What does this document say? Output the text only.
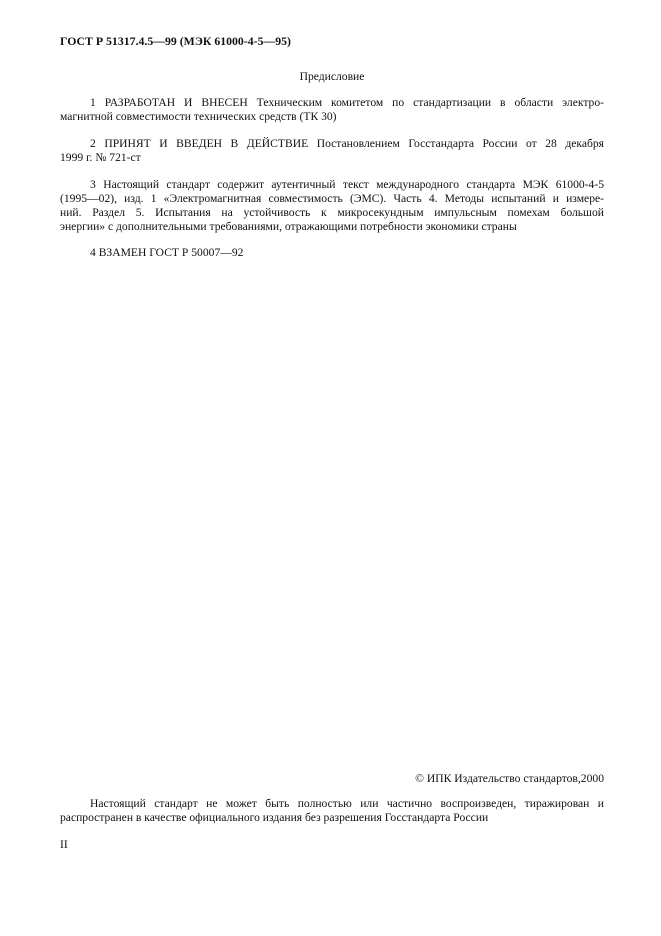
ГОСТ Р 51317.4.5—99 (МЭК 61000-4-5—95)
Предисловие
1 РАЗРАБОТАН И ВНЕСЕН Техническим комитетом по стандартизации в области электро-
магнитной совместимости технических средств (ТК 30)
2 ПРИНЯТ И ВВЕДЕН В ДЕЙСТВИЕ Постановлением Госстандарта России от 28 декабря
1999 г. № 721-ст
3 Настоящий стандарт содержит аутентичный текст международного стандарта МЭК 61000-4-5
(1995—02), изд. 1 «Электромагнитная совместимость (ЭМС). Часть 4. Методы испытаний и измере-
ний. Раздел 5. Испытания на устойчивость к микросекундным импульсным помехам большой
энергии» с дополнительными требованиями, отражающими потребности экономики страны
4 ВЗАМЕН ГОСТ Р 50007—92
© ИПК Издательство стандартов,2000
Настоящий стандарт не может быть полностью или частично воспроизведен, тиражирован и
распространен в качестве официального издания без разрешения Госстандарта России
II
